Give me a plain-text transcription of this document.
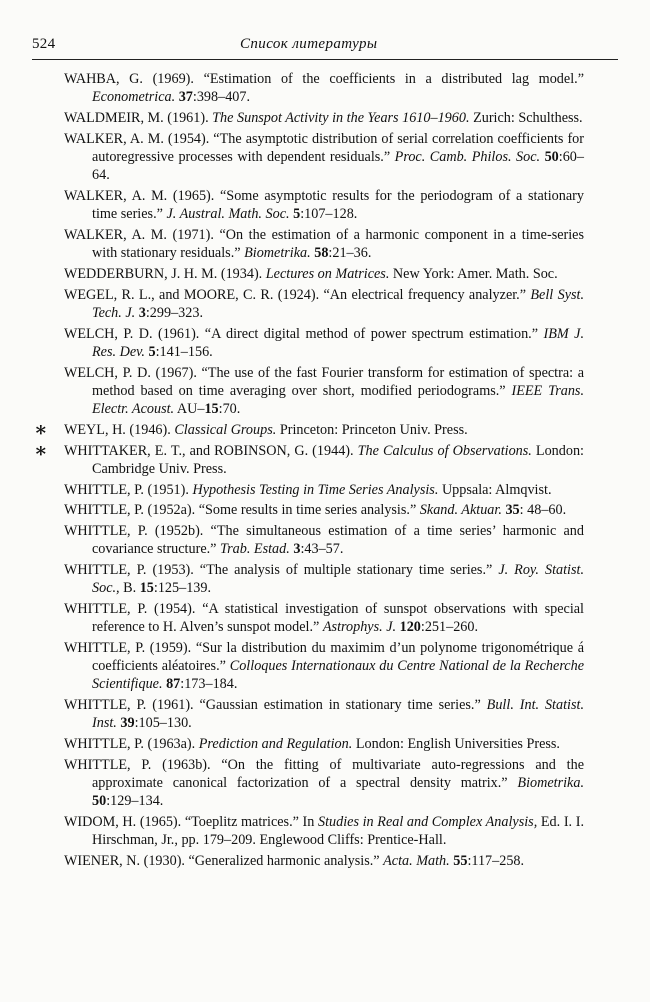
524	Список литературы
WAHBA, G. (1969). “Estimation of the coefficients in a distributed lag model.” Econometrica. 37:398–407.
WALDMEIR, M. (1961). The Sunspot Activity in the Years 1610–1960. Zurich: Schulthess.
WALKER, A. M. (1954). “The asymptotic distribution of serial correlation coefficients for autoregressive processes with dependent residuals.” Proc. Camb. Philos. Soc. 50:60–64.
WALKER, A. M. (1965). “Some asymptotic results for the periodogram of a stationary time series.” J. Austral. Math. Soc. 5:107–128.
WALKER, A. M. (1971). “On the estimation of a harmonic component in a time-series with stationary residuals.” Biometrika. 58:21–36.
WEDDERBURN, J. H. M. (1934). Lectures on Matrices. New York: Amer. Math. Soc.
WEGEL, R. L., and MOORE, C. R. (1924). “An electrical frequency analyzer.” Bell Syst. Tech. J. 3:299–323.
WELCH, P. D. (1961). “A direct digital method of power spectrum estimation.” IBM J. Res. Dev. 5:141–156.
WELCH, P. D. (1967). “The use of the fast Fourier transform for estimation of spectra: a method based on time averaging over short, modified periodograms.” IEEE Trans. Electr. Acoust. AU–15:70.
∗ WEYL, H. (1946). Classical Groups. Princeton: Princeton Univ. Press.
∗ WHITTAKER, E. T., and ROBINSON, G. (1944). The Calculus of Observations. London: Cambridge Univ. Press.
WHITTLE, P. (1951). Hypothesis Testing in Time Series Analysis. Uppsala: Almqvist.
WHITTLE, P. (1952a). “Some results in time series analysis.” Skand. Aktuar. 35: 48–60.
WHITTLE, P. (1952b). “The simultaneous estimation of a time series’ harmonic and covariance structure.” Trab. Estad. 3:43–57.
WHITTLE, P. (1953). “The analysis of multiple stationary time series.” J. Roy. Statist. Soc., B. 15:125–139.
WHITTLE, P. (1954). “A statistical investigation of sunspot observations with special reference to H. Alven’s sunspot model.” Astrophys. J. 120:251–260.
WHITTLE, P. (1959). “Sur la distribution du maximim d’un polynome trigonométrique á coefficients aléatoires.” Colloques Internationaux du Centre National de la Recherche Scientifique. 87:173–184.
WHITTLE, P. (1961). “Gaussian estimation in stationary time series.” Bull. Int. Statist. Inst. 39:105–130.
WHITTLE, P. (1963a). Prediction and Regulation. London: English Universities Press.
WHITTLE, P. (1963b). “On the fitting of multivariate auto-regressions and the approximate canonical factorization of a spectral density matrix.” Biometrika. 50:129–134.
WIDOM, H. (1965). “Toeplitz matrices.” In Studies in Real and Complex Analysis, Ed. I. I. Hirschman, Jr., pp. 179–209. Englewood Cliffs: Prentice-Hall.
WIENER, N. (1930). “Generalized harmonic analysis.” Acta. Math. 55:117–258.
